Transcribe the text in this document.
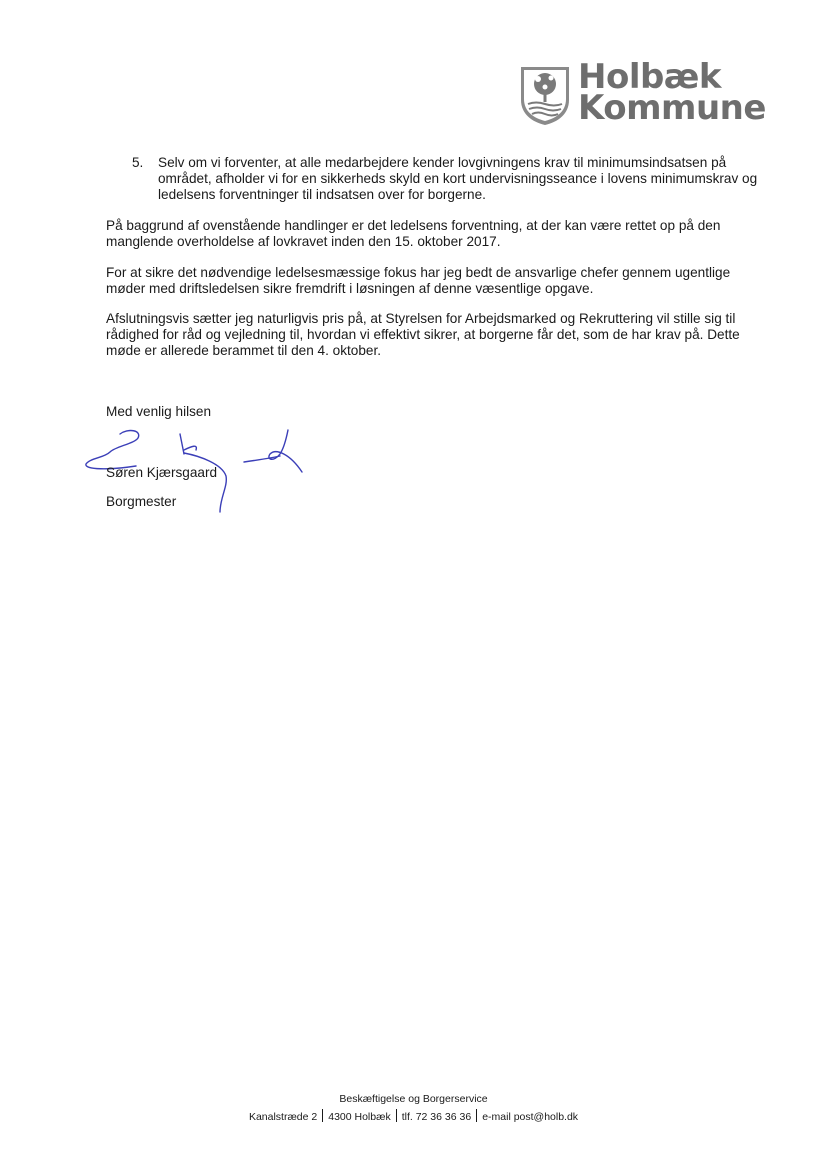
Holbæk
Kommune
5. Selv om vi forventer, at alle medarbejdere kender lovgivningens krav til minimumsindsatsen på området, afholder vi for en sikkerheds skyld en kort undervisningsseance i lovens minimumskrav og ledelsens forventninger til indsatsen over for borgerne.
På baggrund af ovenstående handlinger er det ledelsens forventning, at der kan være rettet op på den manglende overholdelse af lovkravet inden den 15. oktober 2017.
For at sikre det nødvendige ledelsesmæssige fokus har jeg bedt de ansvarlige chefer gennem ugentlige møder med driftsledelsen sikre fremdrift i løsningen af denne væsentlige opgave.
Afslutningsvis sætter jeg naturligvis pris på, at Styrelsen for Arbejdsmarked og Rekruttering vil stille sig til rådighed for råd og vejledning til, hvordan vi effektivt sikrer, at borgerne får det, som de har krav på. Dette møde er allerede berammet til den 4. oktober.
Med venlig hilsen
Søren Kjærsgaard
Borgmester
Beskæftigelse og Borgerservice
Kanalstræde 2 4300 Holbæk tlf. 72 36 36 36 e-mail post@holb.dk
